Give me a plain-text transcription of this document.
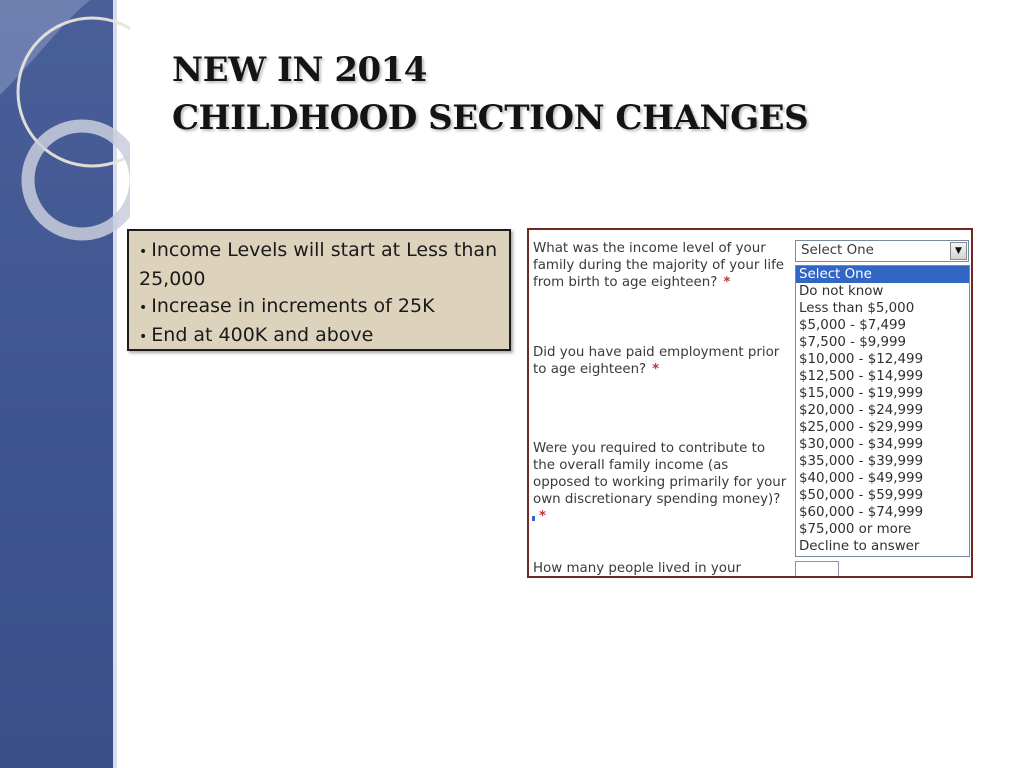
NEW IN 2014
CHILDHOOD SECTION CHANGES
• Income Levels will start at Less than 25,000
• Increase in increments of 25K
• End at 400K and above
What was the income level of your family during the majority of your life from birth to age eighteen? *
Did you have paid employment prior to age eighteen? *
Were you required to contribute to the overall family income (as opposed to working primarily for your own discretionary spending money)?*
How many people lived in your
Select One	▼
Select One
Do not know
Less than $5,000
$5,000 - $7,499
$7,500 - $9,999
$10,000 - $12,499
$12,500 - $14,999
$15,000 - $19,999
$20,000 - $24,999
$25,000 - $29,999
$30,000 - $34,999
$35,000 - $39,999
$40,000 - $49,999
$50,000 - $59,999
$60,000 - $74,999
$75,000 or more
Decline to answer
